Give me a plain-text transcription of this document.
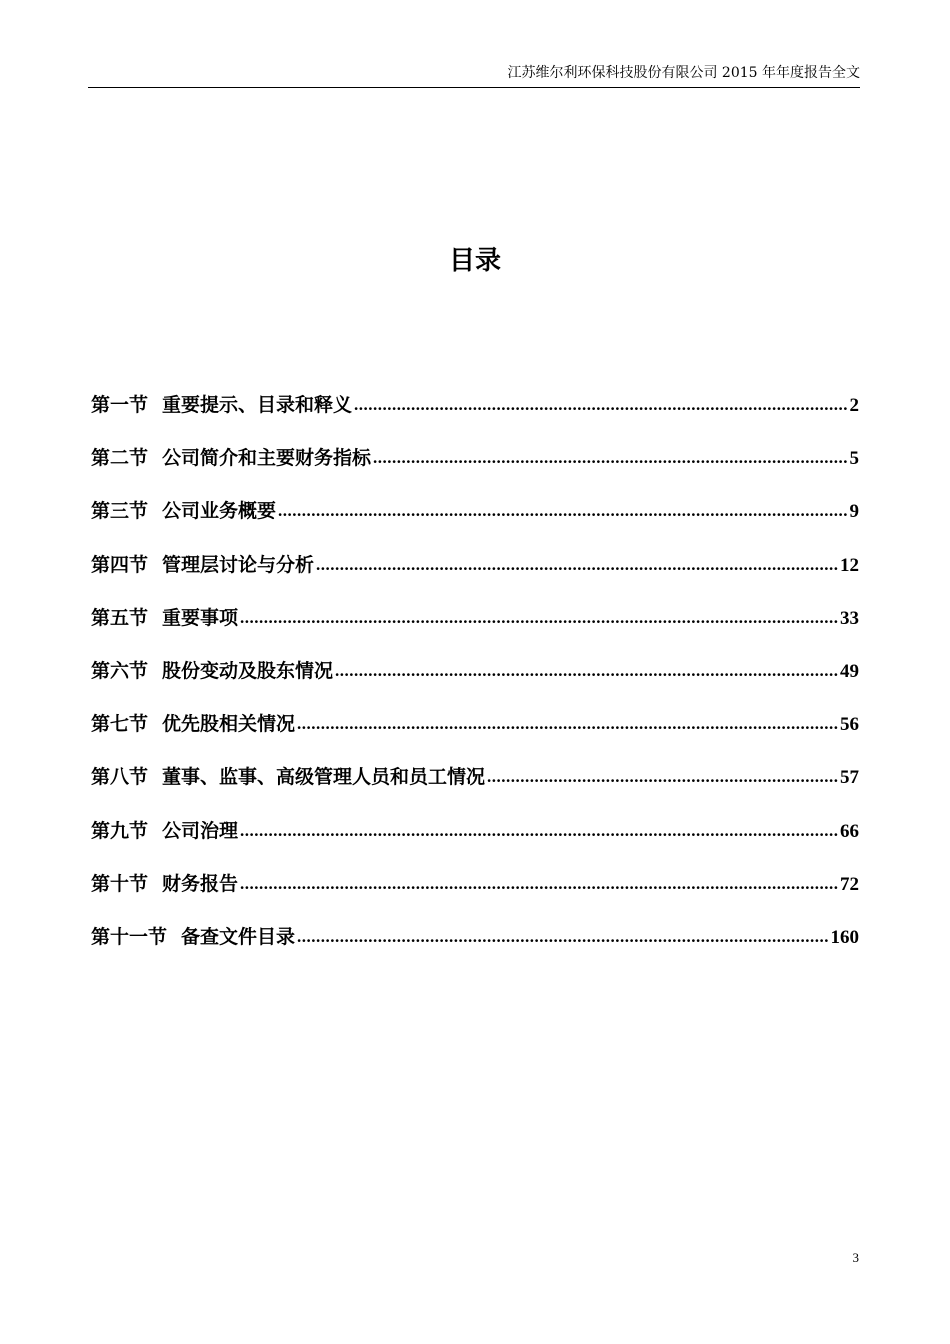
江苏维尔利环保科技股份有限公司 2015 年年度报告全文
目录
第一节 重要提示、目录和释义 .....	2
第二节 公司简介和主要财务指标 .....	5
第三节 公司业务概要 .....	9
第四节 管理层讨论与分析 .....	12
第五节 重要事项 .....	33
第六节 股份变动及股东情况 .....	49
第七节 优先股相关情况 .....	56
第八节 董事、监事、高级管理人员和员工情况 .....	57
第九节 公司治理 .....	66
第十节 财务报告 .....	72
第十一节 备查文件目录 .....	160
3
